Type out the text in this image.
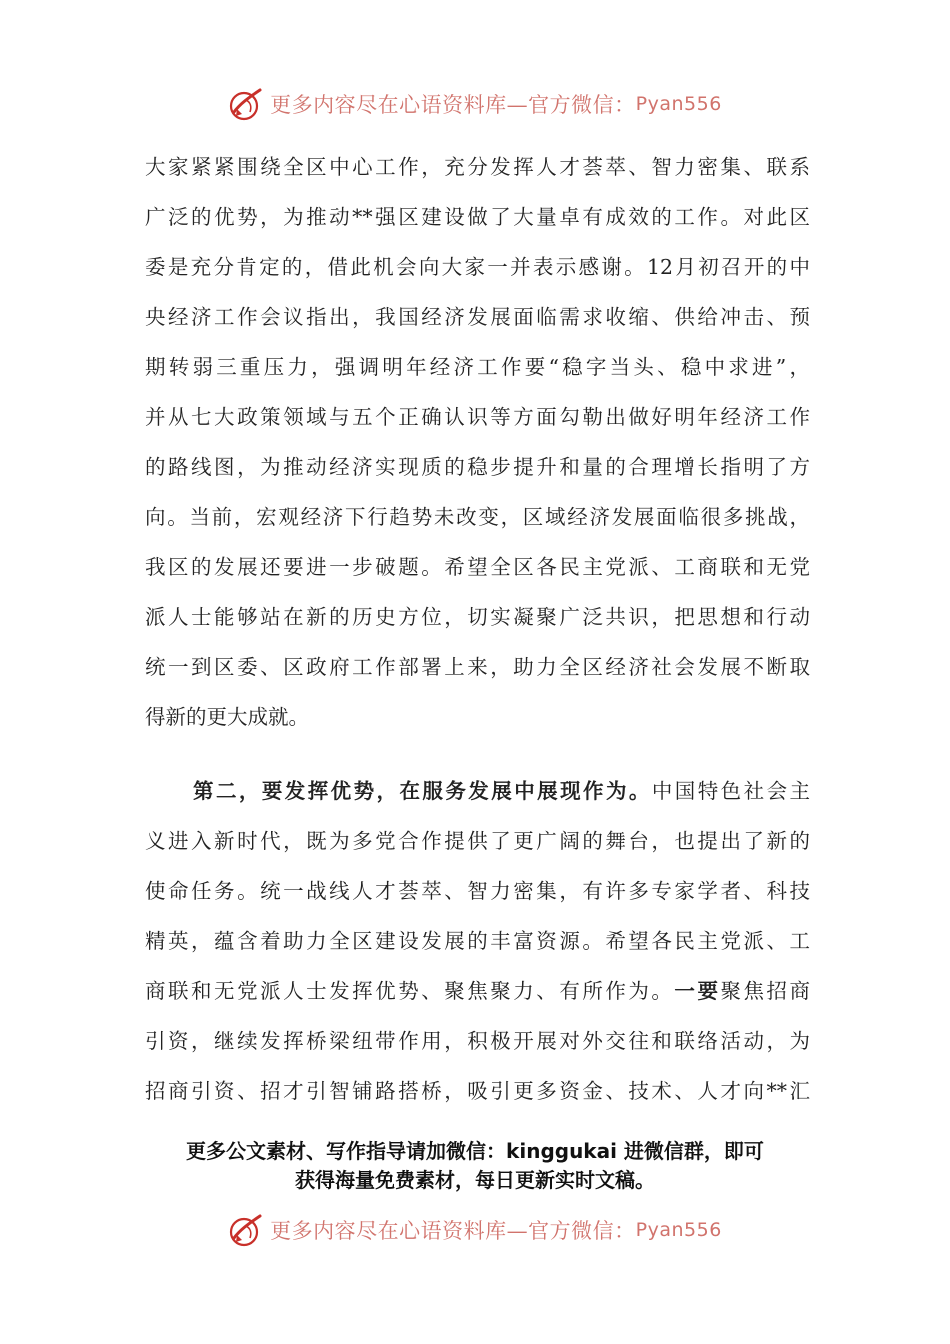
更多内容尽在心语资料库—官方微信： Pyan556
大家紧紧围绕全区中心工作，充分发挥人才荟萃、智力密集、联系
广泛的优势，为推动**强区建设做了大量卓有成效的工作。对此区
委是充分肯定的，借此机会向大家一并表示感谢。12月初召开的中
央经济工作会议指出，我国经济发展面临需求收缩、供给冲击、预
期转弱三重压力，强调明年经济工作要“稳字当头、稳中求进”，
并从七大政策领域与五个正确认识等方面勾勒出做好明年经济工作
的路线图，为推动经济实现质的稳步提升和量的合理增长指明了方
向。当前，宏观经济下行趋势未改变，区域经济发展面临很多挑战，
我区的发展还要进一步破题。希望全区各民主党派、工商联和无党
派人士能够站在新的历史方位，切实凝聚广泛共识，把思想和行动
统一到区委、区政府工作部署上来，助力全区经济社会发展不断取
得新的更大成就。
第二，要发挥优势，在服务发展中展现作为。中国特色社会主
义进入新时代，既为多党合作提供了更广阔的舞台，也提出了新的
使命任务。统一战线人才荟萃、智力密集，有许多专家学者、科技
精英，蕴含着助力全区建设发展的丰富资源。希望各民主党派、工
商联和无党派人士发挥优势、聚焦聚力、有所作为。一要聚焦招商
引资，继续发挥桥梁纽带作用，积极开展对外交往和联络活动，为
招商引资、招才引智铺路搭桥，吸引更多资金、技术、人才向**汇
更多公文素材、写作指导请加微信：kinggukai 进微信群，即可
获得海量免费素材，每日更新实时文稿。
更多内容尽在心语资料库—官方微信： Pyan556
